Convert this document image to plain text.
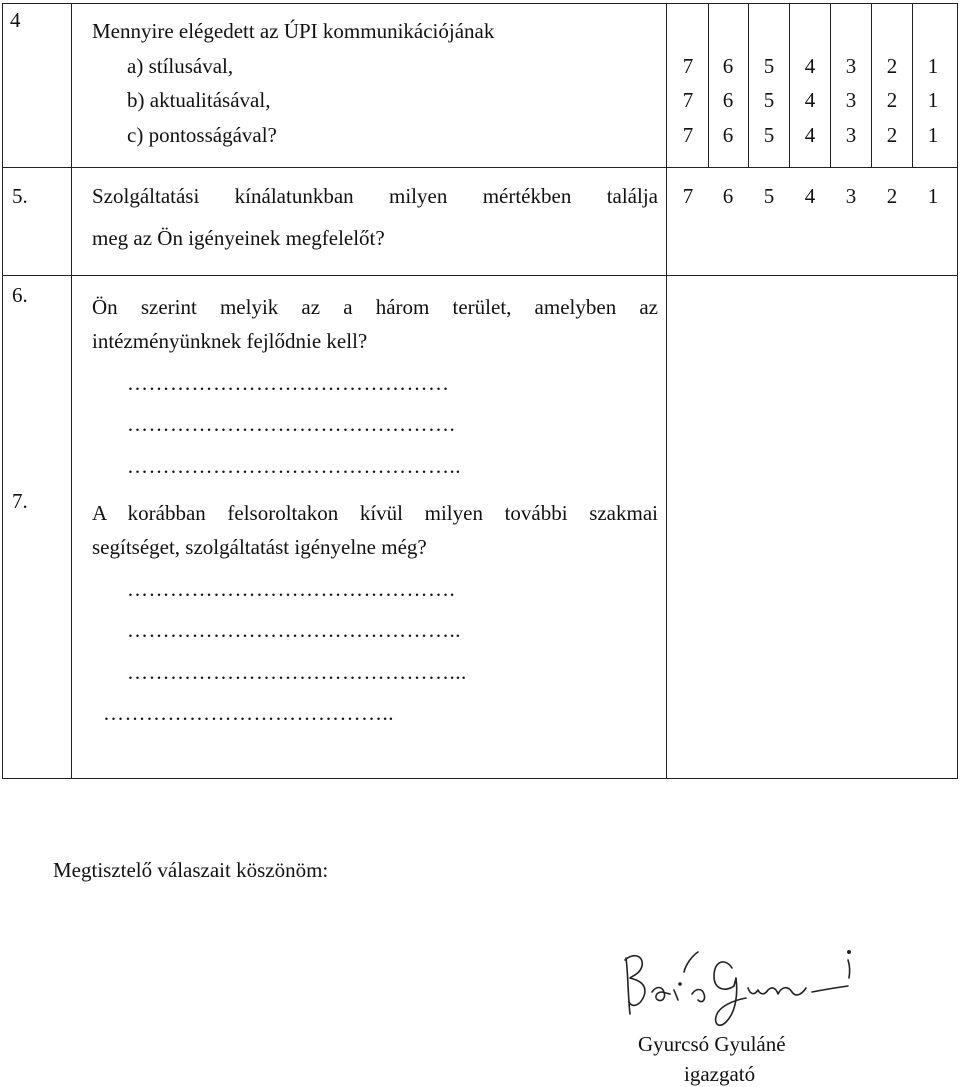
4	Mennyire elégedett az ÚPI kommunikációjának
a) stílusával,
b) aktualitásával,
c) pontosságával?
7 6 5 4 3 2 1
7 6 5 4 3 2 1
7 6 5 4 3 2 1
5.	Szolgáltatási kínálatunkban milyen mértékben találja
meg az Ön igényeinek megfelelőt?
7 6 5 4 3 2 1
6.	Ön szerint melyik az a három terület, amelyben az
intézményünknek fejlődnie kell?
………………………………………
……………………………………….
………………………………………..
7.	A korábban felsoroltakon kívül milyen további szakmai
segítséget, szolgáltatást igényelne még?
……………………………………….
………………………………………..
………………………………………...
…………………………………..
Megtisztelő válaszait köszönöm:
Gyurcsó Gyuláné
igazgató
